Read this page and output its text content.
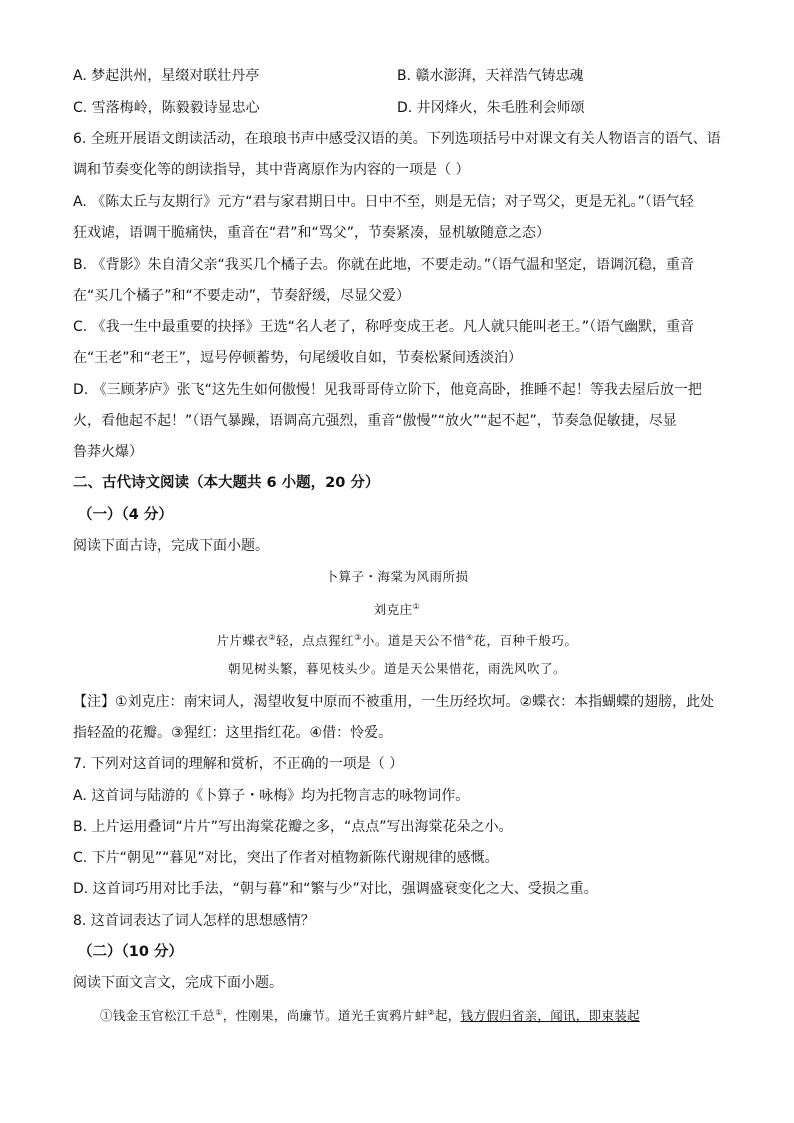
A. 梦起洪州，星缀对联壮丹亭	B. 赣水澎湃，天祥浩气铸忠魂
C. 雪落梅岭，陈毅毅诗显忠心	D. 井冈烽火，朱毛胜利会师颂
6. 全班开展语文朗读活动，在琅琅书声中感受汉语的美。下列选项括号中对课文有关人物语言的语气、语
调和节奏变化等的朗读指导，其中背离原作为内容的一项是（ ）
A. 《陈太丘与友期行》元方“君与家君期日中。日中不至，则是无信；对子骂父，更是无礼。”（语气轻
狂戏谑，语调干脆痛快，重音在“君”和“骂父”，节奏紧凑，显机敏随意之态）
B. 《背影》朱自清父亲“我买几个橘子去。你就在此地，不要走动。”（语气温和坚定，语调沉稳，重音
在“买几个橘子”和“不要走动”，节奏舒缓，尽显父爱）
C. 《我一生中最重要的抉择》王选“名人老了，称呼变成王老。凡人就只能叫老王。”（语气幽默，重音
在“王老”和“老王”，逗号停顿蓄势，句尾缓收自如，节奏松紧间透淡泊）
D. 《三顾茅庐》张飞“这先生如何傲慢！见我哥哥侍立阶下，他竟高卧，推睡不起！等我去屋后放一把
火，看他起不起！”（语气暴躁，语调高亢强烈，重音“傲慢”“放火”“起不起”，节奏急促敏捷，尽显
鲁莽火爆）
二、古代诗文阅读（本大题共 6 小题，20 分）
（一）（4 分）
阅读下面古诗，完成下面小题。
卜算子・海棠为风雨所损
刘克庄①
片片蝶衣②轻，点点猩红③小。道是天公不惜④花，百种千般巧。
朝见树头繁，暮见枝头少。道是天公果惜花，雨洗风吹了。
【注】①刘克庄：南宋词人，渴望收复中原而不被重用，一生历经坎坷。②蝶衣：本指蝴蝶的翅膀，此处
指轻盈的花瓣。③猩红：这里指红花。④借：怜爱。
7. 下列对这首词的理解和赏析，不正确的一项是（ ）
A. 这首词与陆游的《卜算子・咏梅》均为托物言志的咏物词作。
B. 上片运用叠词“片片”写出海棠花瓣之多，“点点”写出海棠花朵之小。
C. 下片“朝见”“暮见”对比，突出了作者对植物新陈代谢规律的感慨。
D. 这首词巧用对比手法，“朝与暮”和“繁与少”对比，强调盛衰变化之大、受损之重。
8. 这首词表达了词人怎样的思想感情？
（二）（10 分）
阅读下面文言文，完成下面小题。
①钱金玉官松江千总①，性刚果，尚廉节。道光壬寅鸦片蚌②起，钱方假归省亲，闻讯，即束装起
